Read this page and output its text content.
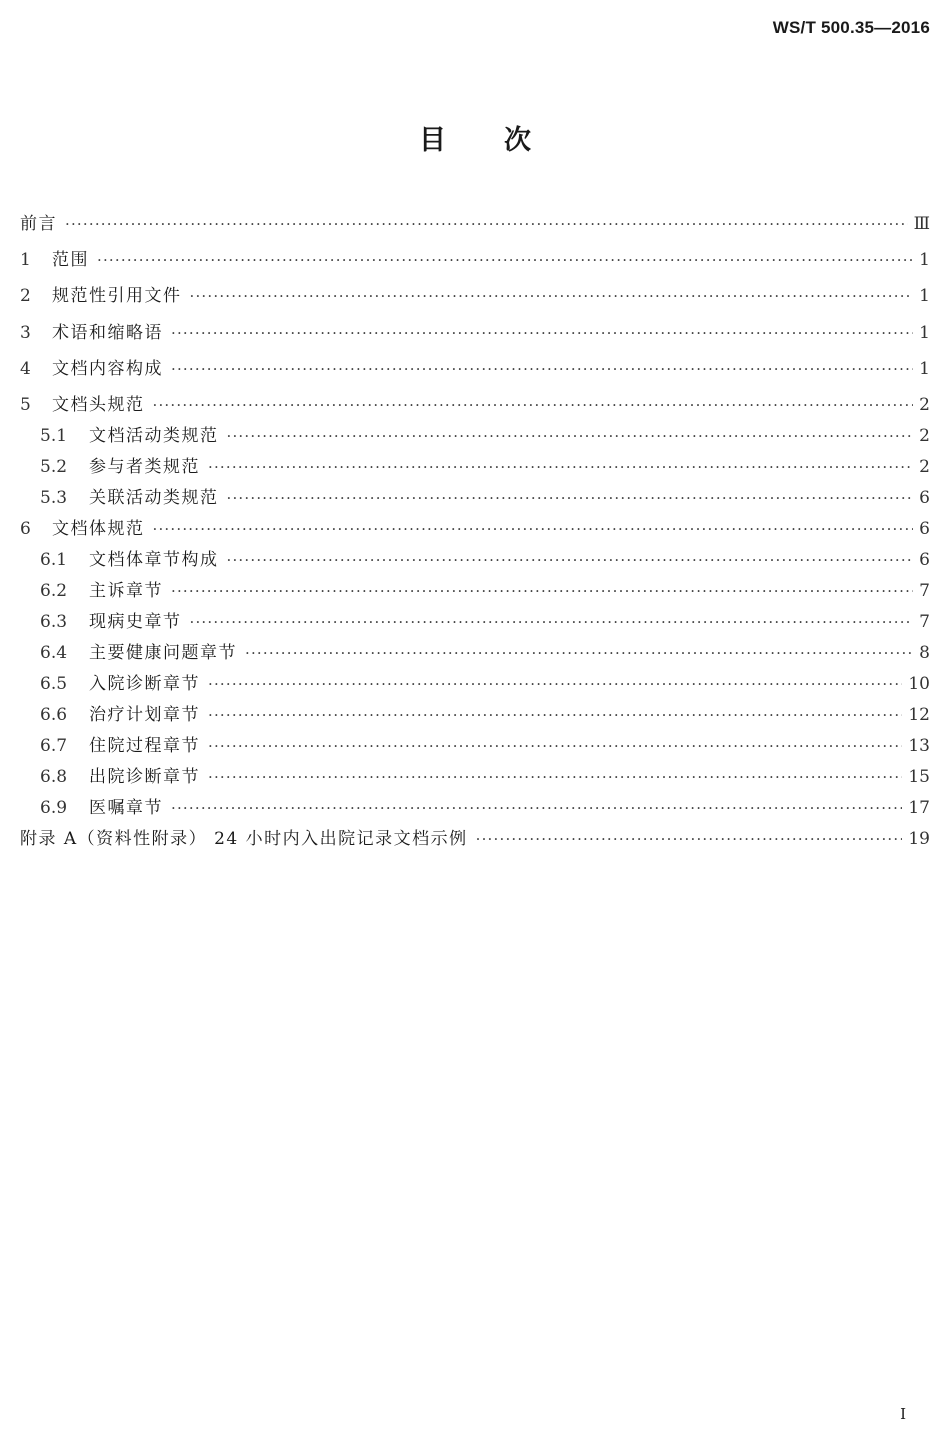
WS/T 500.35—2016
目次
前言 ·····	Ⅲ
1	范围 ·····	1
2	规范性引用文件 ·····	1
3	术语和缩略语 ·····	1
4	文档内容构成 ·····	1
5	文档头规范 ·····	2
5.1	文档活动类规范 ·····	2
5.2	参与者类规范 ·····	2
5.3	关联活动类规范 ·····	6
6	文档体规范 ·····	6
6.1	文档体章节构成 ·····	6
6.2	主诉章节 ·····	7
6.3	现病史章节 ·····	7
6.4	主要健康问题章节 ·····	8
6.5	入院诊断章节 ·····	10
6.6	治疗计划章节 ·····	12
6.7	住院过程章节 ·····	13
6.8	出院诊断章节 ·····	15
6.9	医嘱章节 ·····	17
附录 A（资料性附录） 24 小时内入出院记录文档示例 ·····	19
Ⅰ
